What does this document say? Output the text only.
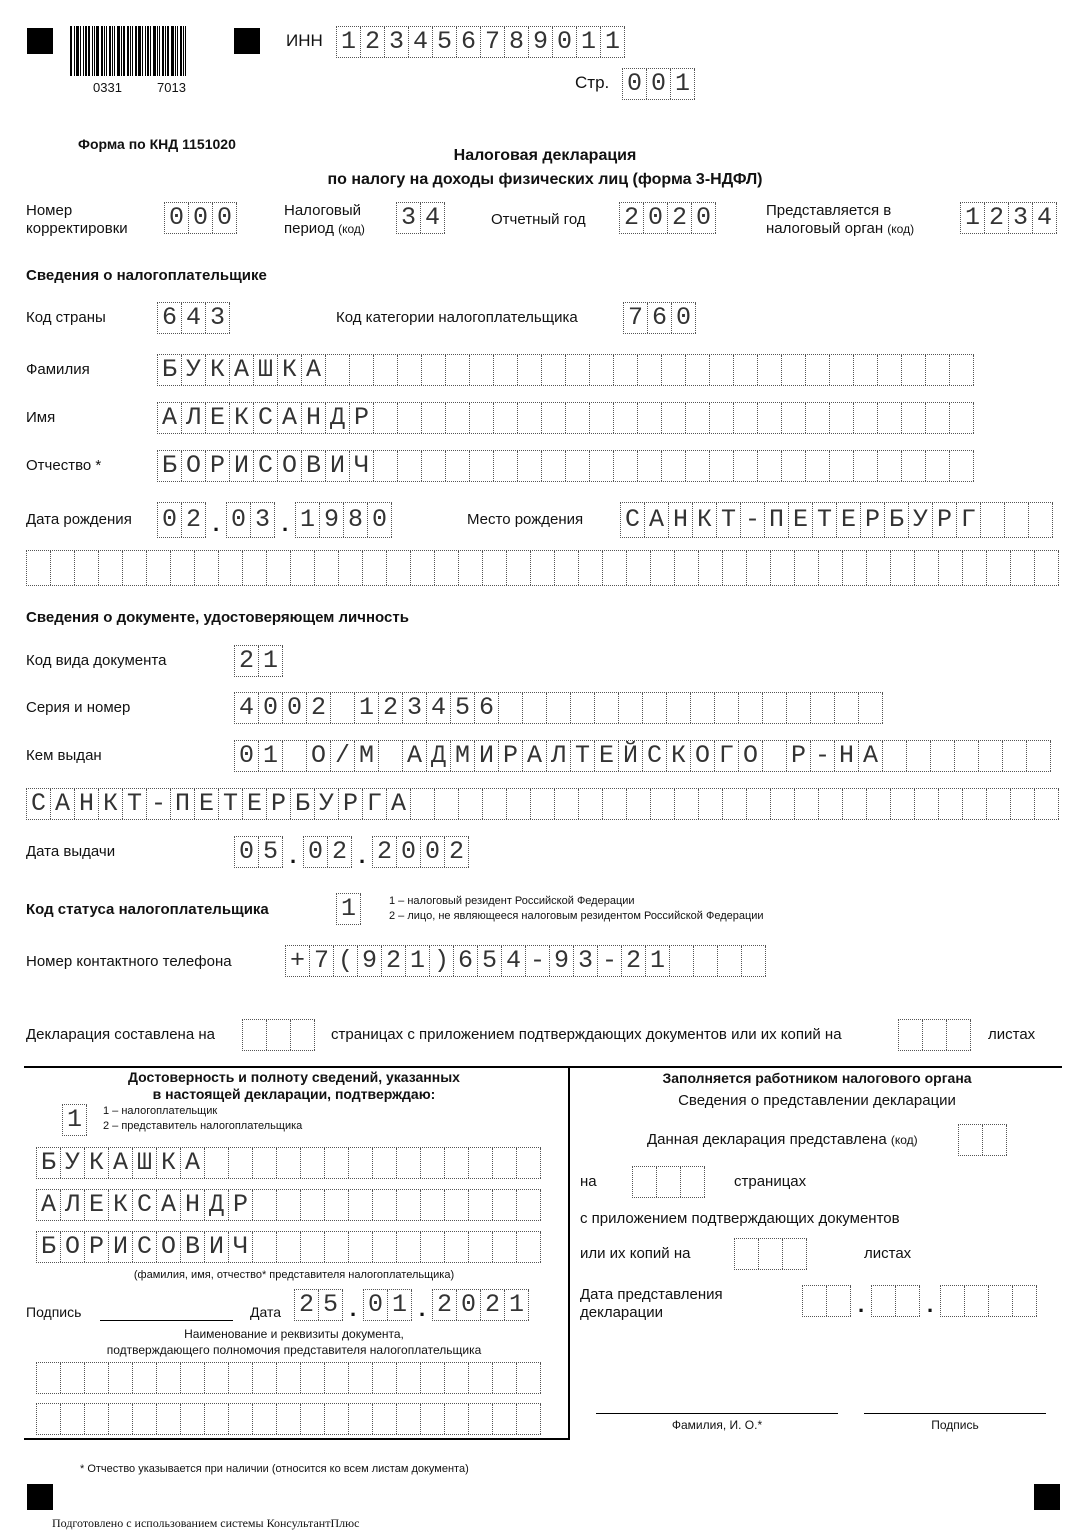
0331	7013
ИНН 1 2 3 4 5 6 7 8 9 0 1 1
Стр. 0 0 1
Форма по КНД 1151020
Налоговая декларация
по налогу на доходы физических лиц (форма 3-НДФЛ)
Номер
корректировки 0 0 0	Налоговый
период (код) 3 4	Отчетный год 2 0 2 0	Представляется в
налоговый орган (код) 1 2 3 4
Сведения о налогоплательщике
Код страны 6 4 3	Код категории налогоплательщика 7 6 0
Фамилия	Б У К А Ш К А
Имя	А Л Е К С А Н Д Р
Отчество * Б О Р И С О В И Ч
Дата рождения 0 2 . 0 3 . 1 9 8 0	Место рождения С А Н К Т - П Е Т Е Р Б У Р Г
Сведения о документе, удостоверяющем личность
Код вида документа	2 1
Серия и номер	4 0 0 2 1 2 3 4 5 6
Кем выдан	0 1 О / М А Д М И Р А Л Т Е Й С К О Г О Р - Н А
С А Н К Т - П Е Т Е Р Б У Р Г А
Дата выдачи	0 5 . 0 2 . 2 0 0 2
Код статуса налогоплательщика	1	1 – налоговый резидент Российской Федерации
2 – лицо, не являющееся налоговым резидентом Российской Федерации
Номер контактного телефона + 7 ( 9 2 1 ) 6 5 4 - 9 3 - 2 1
Декларация составлена на	страницах с приложением подтверждающих документов или их копий на	листах
Достоверность и полноту сведений, указанных
в настоящей декларации, подтверждаю:
1	1 – налогоплательщик
2 – представитель налогоплательщика
Б У К А Ш К А
А Л Е К С А Н Д Р
Б О Р И С О В И Ч
(фамилия, имя, отчество* представителя налогоплательщика)
Подпись	Дата 2 5 . 0 1 . 2 0 2 1
Наименование и реквизиты документа,
подтверждающего полномочия представителя налогоплательщика
Заполняется работником налогового органа
Сведения о представлении декларации
Данная декларация представлена (код)
на	страницах
с приложением подтверждающих документов
или их копий на	листах
Дата представления
декларации	.	.
Фамилия, И. О.*	Подпись
* Отчество указывается при наличии (относится ко всем листам документа)
Подготовлено с использованием системы КонсультантПлюс
